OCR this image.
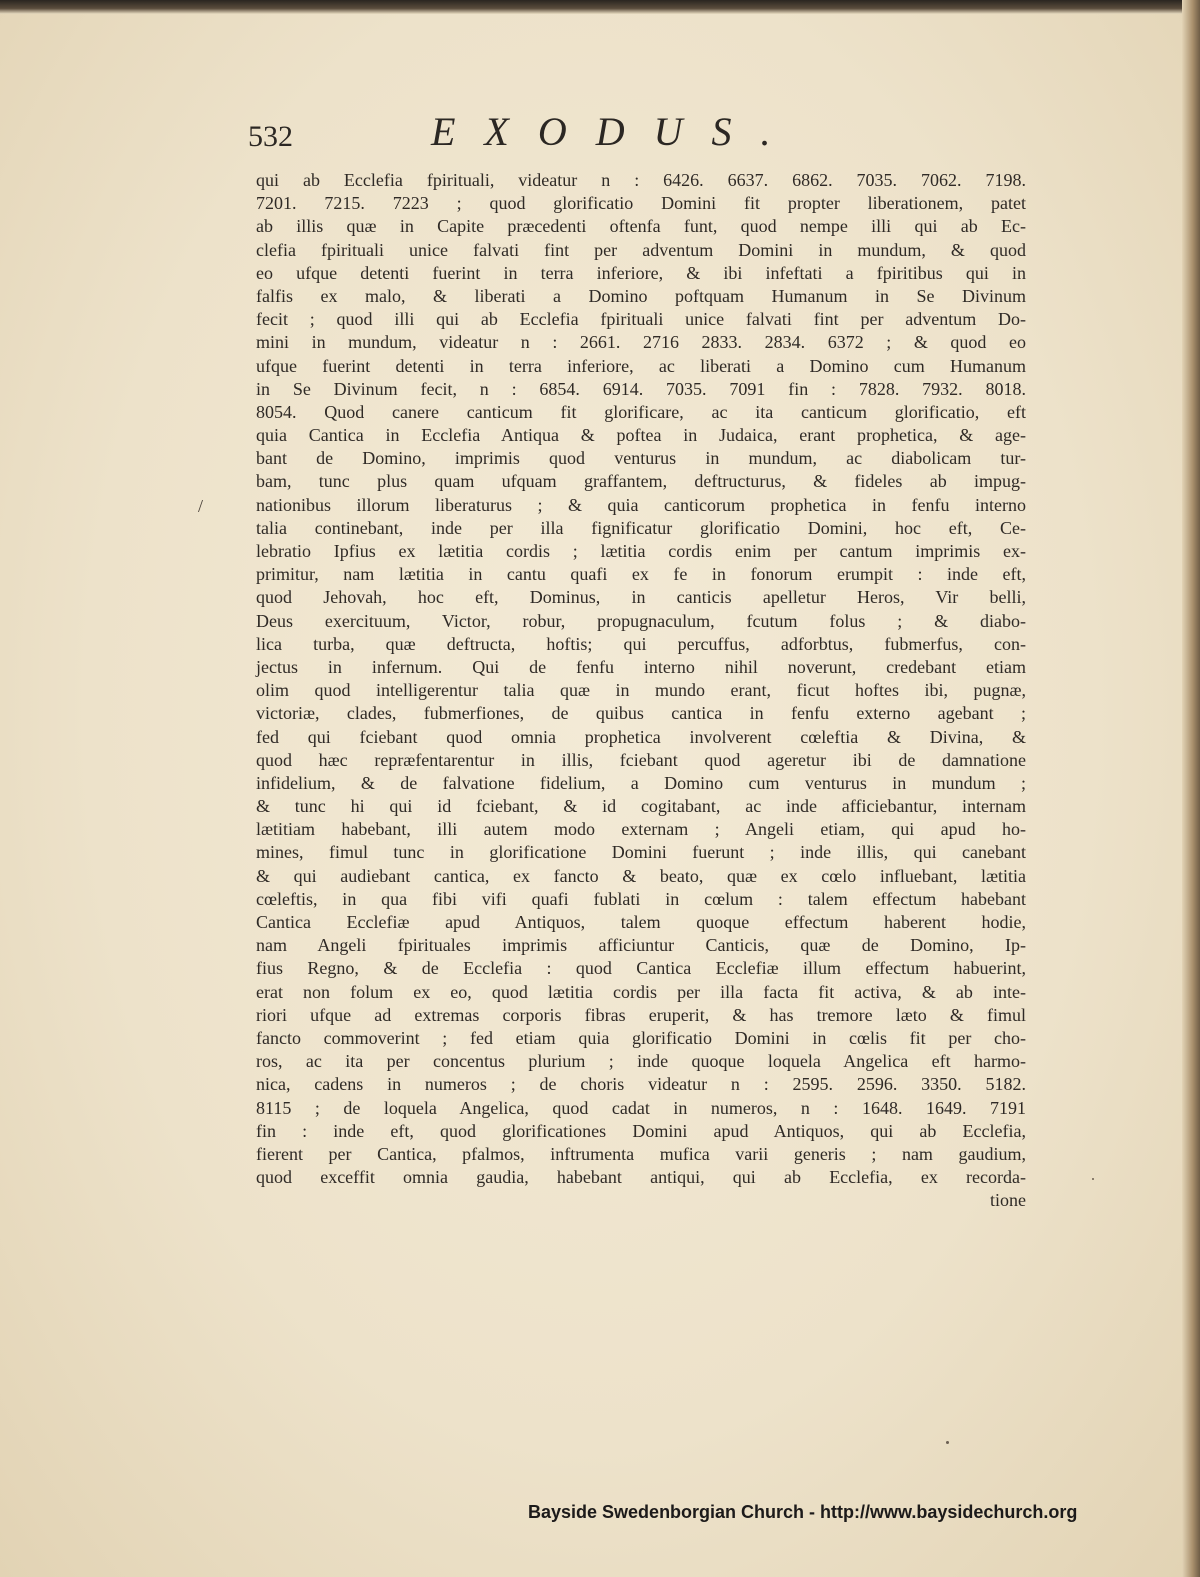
532	EXODUS.
/
qui ab Ecclefia fpirituali, videatur n : 6426. 6637. 6862. 7035. 7062. 7198.
7201. 7215. 7223 ; quod glorificatio Domini fit propter liberationem, patet
ab illis quæ in Capite præcedenti oftenfa funt, quod nempe illi qui ab Ec-
clefia fpirituali unice falvati fint per adventum Domini in mundum, & quod
eo ufque detenti fuerint in terra inferiore, & ibi infeftati a fpiritibus qui in
falfis ex malo, & liberati a Domino poftquam Humanum in Se Divinum
fecit ; quod illi qui ab Ecclefia fpirituali unice falvati fint per adventum Do-
mini in mundum, videatur n : 2661. 2716 2833. 2834. 6372 ; & quod eo
ufque fuerint detenti in terra inferiore, ac liberati a Domino cum Humanum
in Se Divinum fecit, n : 6854. 6914. 7035. 7091 fin : 7828. 7932. 8018.
8054. Quod canere canticum fit glorificare, ac ita canticum glorificatio, eft
quia Cantica in Ecclefia Antiqua & poftea in Judaica, erant prophetica, & age-
bant de Domino, imprimis quod venturus in mundum, ac diabolicam tur-
bam, tunc plus quam ufquam graffantem, deftructurus, & fideles ab impug-
nationibus illorum liberaturus ; & quia canticorum prophetica in fenfu interno
talia continebant, inde per illa fignificatur glorificatio Domini, hoc eft, Ce-
lebratio Ipfius ex lætitia cordis ; lætitia cordis enim per cantum imprimis ex-
primitur, nam lætitia in cantu quafi ex fe in fonorum erumpit : inde eft,
quod Jehovah, hoc eft, Dominus, in canticis apelletur Heros, Vir belli,
Deus exercituum, Victor, robur, propugnaculum, fcutum folus ; & diabo-
lica turba, quæ deftructa, hoftis; qui percuffus, adforbtus, fubmerfus, con-
jectus in infernum. Qui de fenfu interno nihil noverunt, credebant etiam
olim quod intelligerentur talia quæ in mundo erant, ficut hoftes ibi, pugnæ,
victoriæ, clades, fubmerfiones, de quibus cantica in fenfu externo agebant ;
fed qui fciebant quod omnia prophetica involverent cœleftia & Divina, &
quod hæc repræfentarentur in illis, fciebant quod ageretur ibi de damnatione
infidelium, & de falvatione fidelium, a Domino cum venturus in mundum ;
& tunc hi qui id fciebant, & id cogitabant, ac inde afficiebantur, internam
lætitiam habebant, illi autem modo externam ; Angeli etiam, qui apud ho-
mines, fimul tunc in glorificatione Domini fuerunt ; inde illis, qui canebant
& qui audiebant cantica, ex fancto & beato, quæ ex cœlo influebant, lætitia
cœleftis, in qua fibi vifi quafi fublati in cœlum : talem effectum habebant
Cantica Ecclefiæ apud Antiquos, talem quoque effectum haberent hodie,
nam Angeli fpirituales imprimis afficiuntur Canticis, quæ de Domino, Ip-
fius Regno, & de Ecclefia : quod Cantica Ecclefiæ illum effectum habuerint,
erat non folum ex eo, quod lætitia cordis per illa facta fit activa, & ab inte-
riori ufque ad extremas corporis fibras eruperit, & has tremore læto & fimul
fancto commoverint ; fed etiam quia glorificatio Domini in cœlis fit per cho-
ros, ac ita per concentus plurium ; inde quoque loquela Angelica eft harmo-
nica, cadens in numeros ; de choris videatur n : 2595. 2596. 3350. 5182.
8115 ; de loquela Angelica, quod cadat in numeros, n : 1648. 1649. 7191
fin : inde eft, quod glorificationes Domini apud Antiquos, qui ab Ecclefia,
fierent per Cantica, pfalmos, inftrumenta mufica varii generis ; nam gaudium,
quod exceffit omnia gaudia, habebant antiqui, qui ab Ecclefia, ex recorda-
tione
Bayside Swedenborgian Church - http://www.baysidechurch.org
